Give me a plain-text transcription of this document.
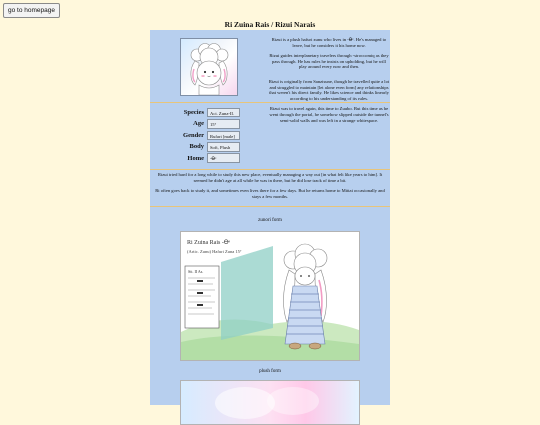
go to homepage
Ri Zuina Rais / Rizui Narais
Species	Aci. Zuna-II.
Age	15⁷
Gender	Rufari [male]
Body	Soft, Plush
Home	-Ꮎᵉ

Rizui is a plush hafuri zunu who lives in -Ꮎᵉ. He's managed to leave, but he considers it his home now.

Rizui guides interplanetary travelers through -stroccomiq as they pass through. He has rules he insists on upholding, but he will play around every now and then.

Rizui is originally from Sanzisune, though he travelled quite a lot and struggled to maintain [let alone even form] any relationships that weren't his direct family. He likes science and thinks linearly according to his understanding of its rules.

Rizui was to travel again, this time to Zuubo. But this time as he went through the portal, he somehow slipped outside the tunnel's semi-solid walls and was left in a strange whitespace.

Rizui tried hard for a long while to study this new place, eventually managing a way out [in what felt like years to him]. It seemed he didn't age at all while he was in there, but he did lose track of time a bit.

Ri often goes back to study it, and sometimes even lives there for a few days. But he returns home to Mittai occasionally and stays a few months.

zunori form
Ri Zuina Rais -Ꮎᵉ
(Artic. Zunu) Hafuri Zuna 15⁷
Stt. II As.
plush form
